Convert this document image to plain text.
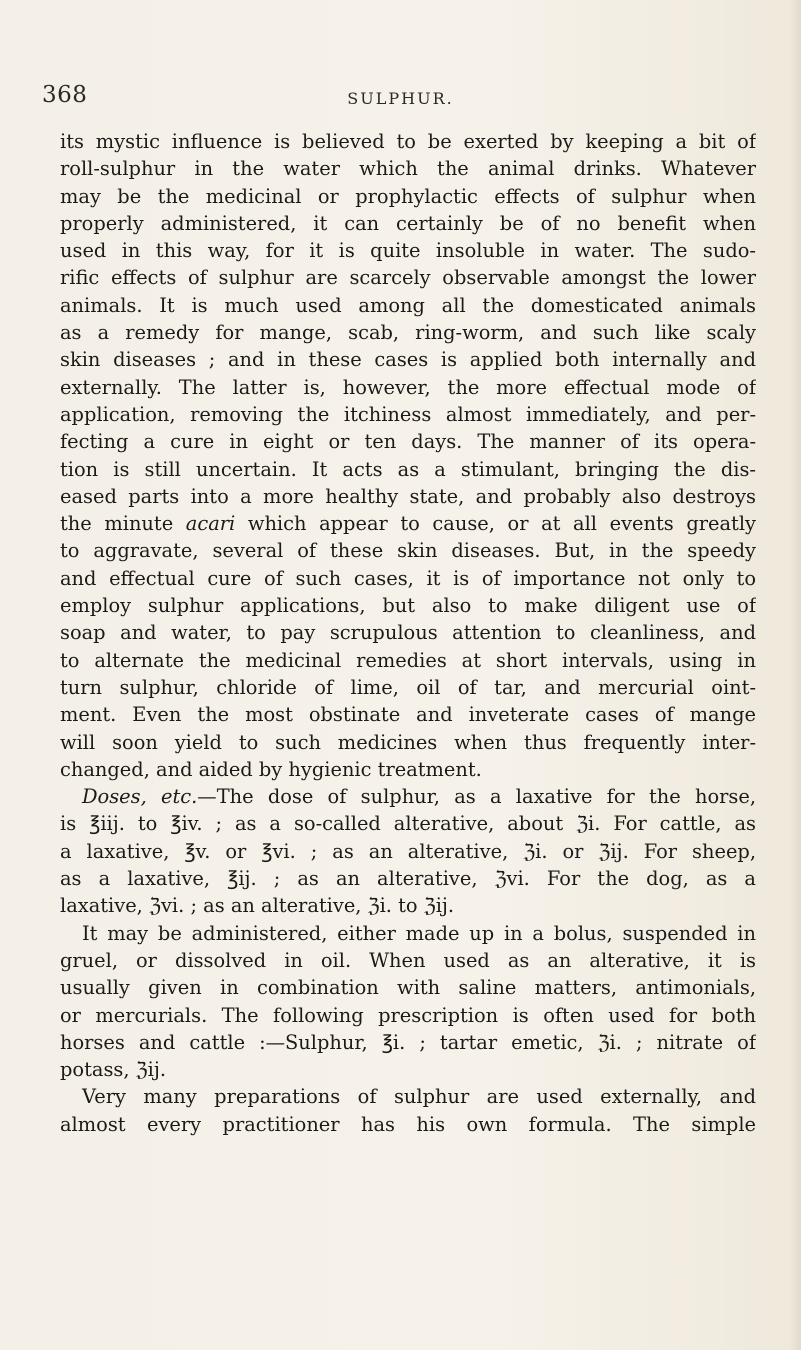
368	SULPHUR.

its mystic influence is believed to be exerted by keeping a bit of
roll-sulphur in the water which the animal drinks. Whatever
may be the medicinal or prophylactic effects of sulphur when
properly administered, it can certainly be of no benefit when
used in this way, for it is quite insoluble in water. The sudo-
rific effects of sulphur are scarcely observable amongst the lower
animals. It is much used among all the domesticated animals
as a remedy for mange, scab, ring-worm, and such like scaly
skin diseases ; and in these cases is applied both internally and
externally. The latter is, however, the more effectual mode of
application, removing the itchiness almost immediately, and per-
fecting a cure in eight or ten days. The manner of its opera-
tion is still uncertain. It acts as a stimulant, bringing the dis-
eased parts into a more healthy state, and probably also destroys
the minute acari which appear to cause, or at all events greatly
to aggravate, several of these skin diseases. But, in the speedy
and effectual cure of such cases, it is of importance not only to
employ sulphur applications, but also to make diligent use of
soap and water, to pay scrupulous attention to cleanliness, and
to alternate the medicinal remedies at short intervals, using in
turn sulphur, chloride of lime, oil of tar, and mercurial oint-
ment. Even the most obstinate and inveterate cases of mange
will soon yield to such medicines when thus frequently inter-
changed, and aided by hygienic treatment.

Doses, etc.—The dose of sulphur, as a laxative for the horse,
is ℥iij. to ℥iv. ; as a so-called alterative, about ℨi. For cattle, as
a laxative, ℥v. or ℥vi. ; as an alterative, ℨi. or ℨij. For sheep,
as a laxative, ℥ij. ; as an alterative, ℨvi. For the dog, as a
laxative, ℨvi. ; as an alterative, ℨi. to ℨij.

It may be administered, either made up in a bolus, suspended in
gruel, or dissolved in oil. When used as an alterative, it is
usually given in combination with saline matters, antimonials,
or mercurials. The following prescription is often used for both
horses and cattle :—Sulphur, ℥i. ; tartar emetic, ℨi. ; nitrate of
potass, ℨij.

Very many preparations of sulphur are used externally, and
almost every practitioner has his own formula. The simple
